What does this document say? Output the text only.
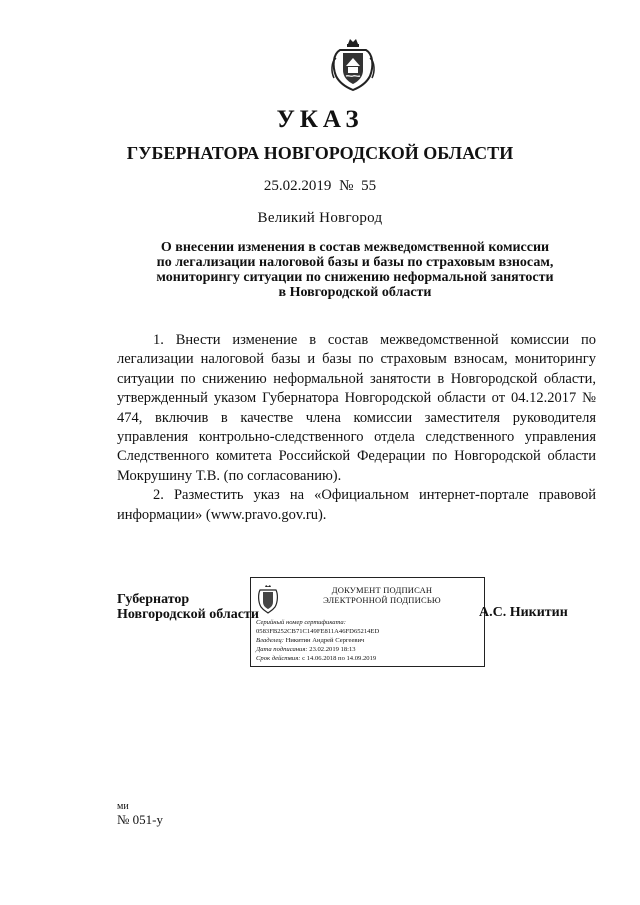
УКАЗ
ГУБЕРНАТОРА НОВГОРОДСКОЙ ОБЛАСТИ
25.02.2019 № 55
Великий Новгород
О внесении изменения в состав межведомственной комиссии
по легализации налоговой базы и базы по страховым взносам,
мониторингу ситуации по снижению неформальной занятости
в Новгородской области

1. Внести изменение в состав межведомственной комиссии по легализации налоговой базы и базы по страховым взносам, мониторингу ситуации по снижению неформальной занятости в Новгородской области, утвержденный указом Губернатора Новгородской области от 04.12.2017 № 474, включив в качестве члена комиссии заместителя руководителя управления контрольно-следственного отдела следственного управления Следственного комитета Российской Федерации по Новгородской области Мокрушину Т.В. (по согласованию).

2. Разместить указ на «Официальном интернет-портале правовой информации» (www.pravo.gov.ru).

Губернатор
Новгородской области
ДОКУМЕНТ ПОДПИСАН
ЭЛЕКТРОННОЙ ПОДПИСЬЮ
Серийный номер сертификата:
0583FB252CB71C149FE811A46FD65214ED
Владелец: Никитин Андрей Сергеевич
Дата подписания: 23.02.2019 18:13
Срок действия: с 14.06.2018 по 14.09.2019
А.С. Никитин
ми
№ 051-у
